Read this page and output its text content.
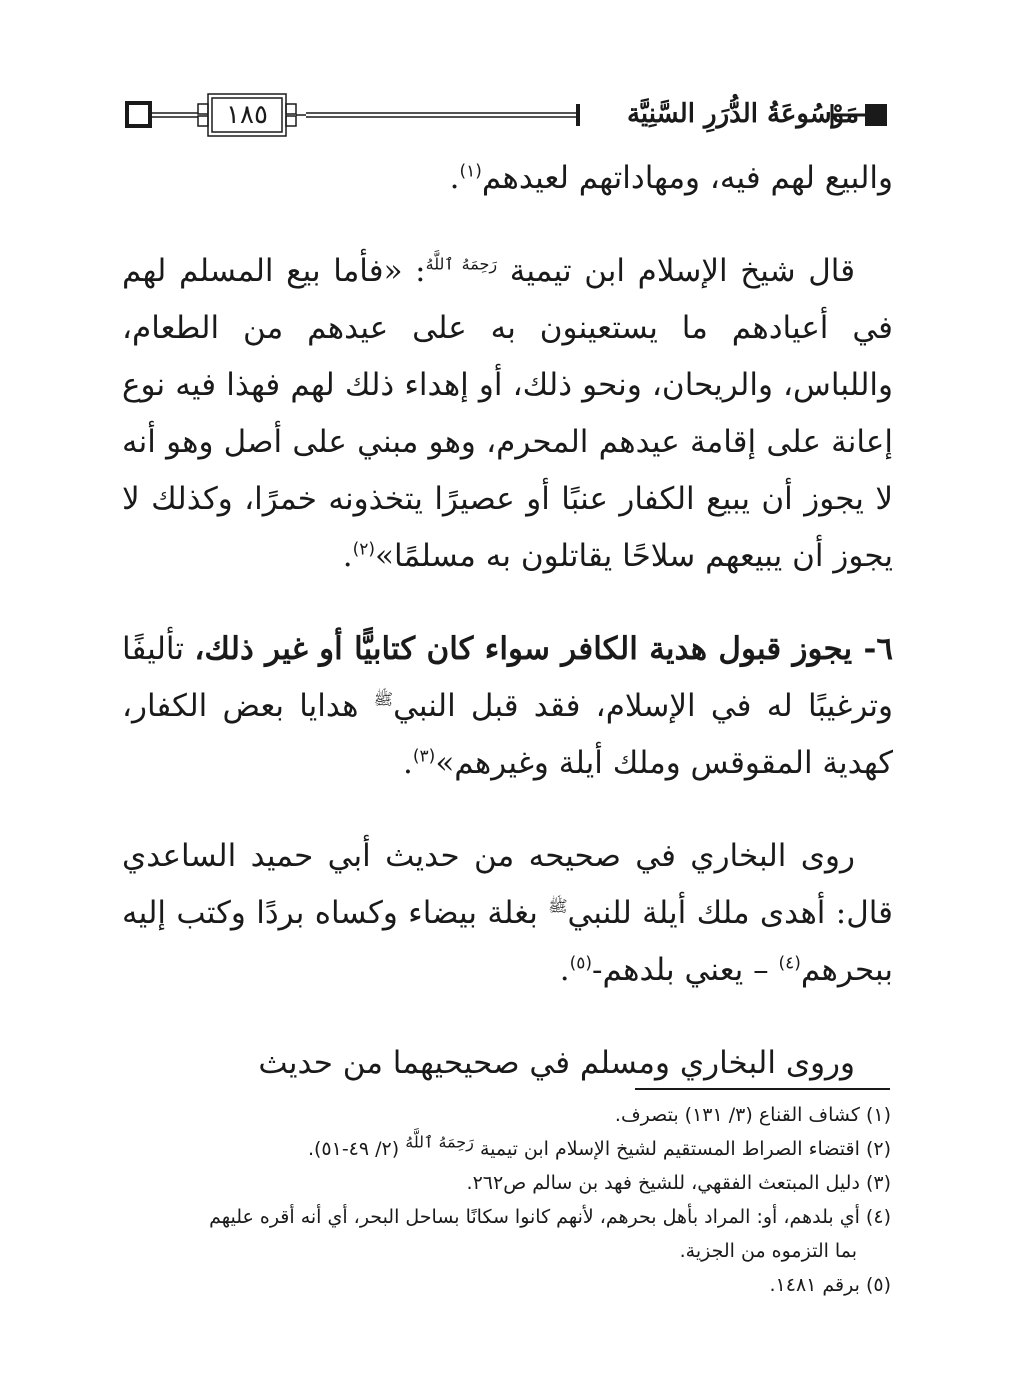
مَوْسُوعَةُ الدُّرَرِ السَّنِيَّة
١٨٥

والبيع لهم فيه، ومهاداتهم لعيدهم$^{(١)}$.

قال شيخ الإسلام ابن تيمية $^{رَحِمَهُ ٱللَّهُ}$: «فأما بيع المسلم لهم في أعيادهم ما يستعينون به على عيدهم من الطعام، واللباس، والريحان، ونحو ذلك، أو إهداء ذلك لهم فهذا فيه نوع إعانة على إقامة عيدهم المحرم، وهو مبني على أصل وهو أنه لا يجوز أن يبيع الكفار عنبًا أو عصيرًا يتخذونه خمرًا، وكذلك لا يجوز أن يبيعهم سلاحًا يقاتلون به مسلمًا»$^{(٢)}$.

٦- يجوز قبول هدية الكافر سواء كان كتابيًّا أو غير ذلك، تأليفًا وترغيبًا له في الإسلام، فقد قبل النبي$^ﷺ$ هدايا بعض الكفار، كهدية المقوقس وملك أيلة وغيرهم»$^{(٣)}$.

روى البخاري في صحيحه من حديث أبي حميد الساعدي قال: أهدى ملك أيلة للنبي$^ﷺ$ بغلة بيضاء وكساه بردًا وكتب إليه ببحرهم$^{(٤)}$ – يعني بلدهم-$^{(٥)}$.

وروى البخاري ومسلم في صحيحيهما من حديث

(١) كشاف القناع (٣/ ١٣١) بتصرف.

(٢) اقتضاء الصراط المستقيم لشيخ الإسلام ابن تيمية $^{رَحِمَهُ ٱللَّهُ}$ (٢/ ٤٩-٥١).

(٣) دليل المبتعث الفقهي، للشيخ فهد بن سالم ص٢٦٢.

(٤) أي بلدهم، أو: المراد بأهل بحرهم، لأنهم كانوا سكانًا بساحل البحر، أي أنه أقره عليهم
بما التزموه من الجزية.

(٥) برقم ١٤٨١.
